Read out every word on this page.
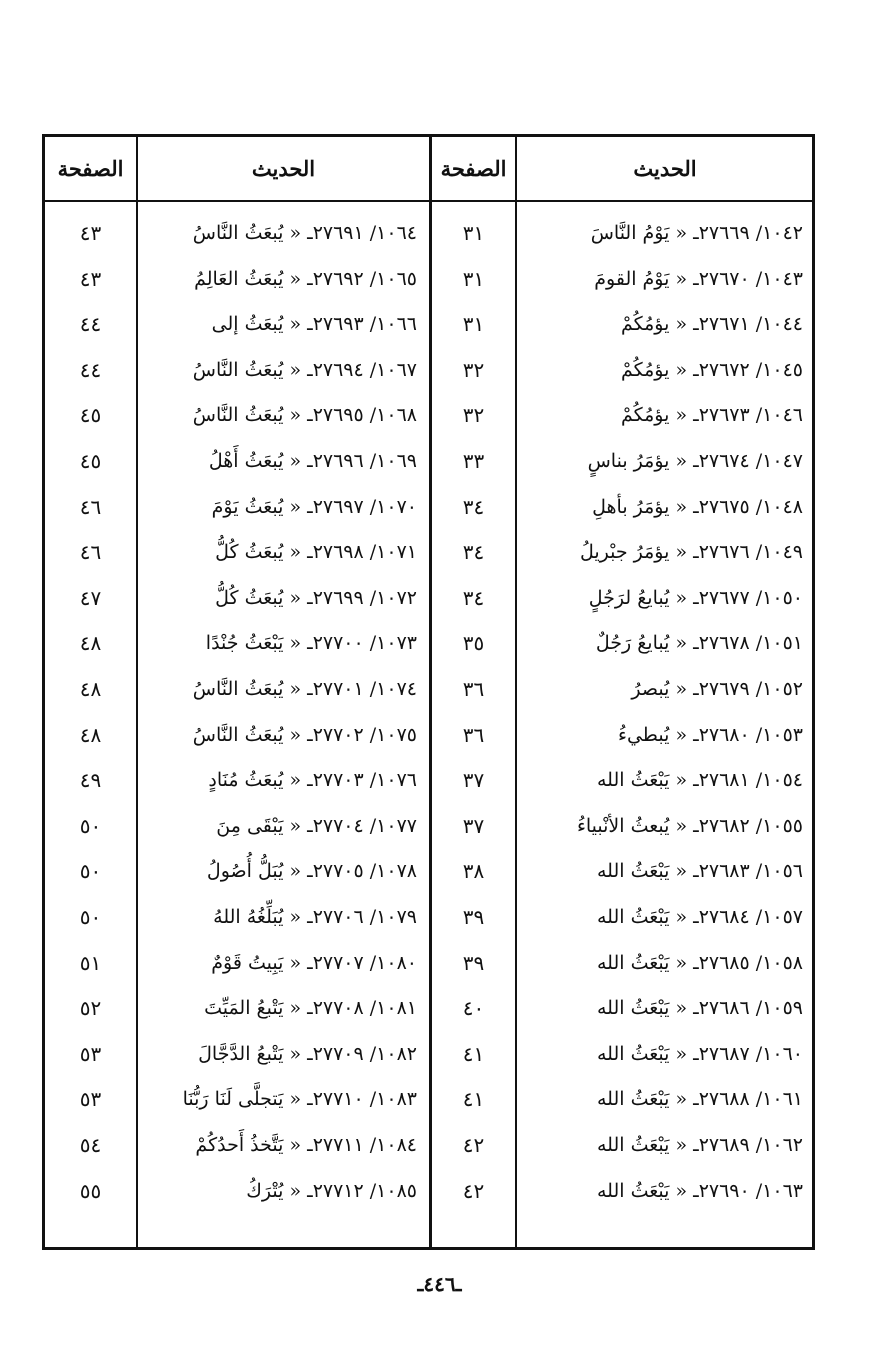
الحديث
الصفحة
الحديث
الصفحة
١٠٤٢/ ٢٧٦٦٩ـ « يَوْمُ النَّاسَ
٣١
١٠٤٣/ ٢٧٦٧٠ـ « يَوْمُ القومَ
٣١
١٠٤٤/ ٢٧٦٧١ـ « يؤمُكُمْ
٣١
١٠٤٥/ ٢٧٦٧٢ـ « يؤمُكُمْ
٣٢
١٠٤٦/ ٢٧٦٧٣ـ « يؤمُكُمْ
٣٢
١٠٤٧/ ٢٧٦٧٤ـ « يؤمَرُ بناسٍ
٣٣
١٠٤٨/ ٢٧٦٧٥ـ « يؤمَرُ بأهلِ
٣٤
١٠٤٩/ ٢٧٦٧٦ـ « يؤمَرُ جبْريلُ
٣٤
١٠٥٠/ ٢٧٦٧٧ـ « يُبايعُ لرَجُلٍ
٣٤
١٠٥١/ ٢٧٦٧٨ـ « يُبايعُ رَجُلٌ
٣٥
١٠٥٢/ ٢٧٦٧٩ـ « يُبصرُ
٣٦
١٠٥٣/ ٢٧٦٨٠ـ « يُبطيءُ
٣٦
١٠٥٤/ ٢٧٦٨١ـ « يَبْعَثُ الله
٣٧
١٠٥٥/ ٢٧٦٨٢ـ « يُبعثُ الأنْبياءُ
٣٧
١٠٥٦/ ٢٧٦٨٣ـ « يَبْعَثُ الله
٣٨
١٠٥٧/ ٢٧٦٨٤ـ « يَبْعَثُ الله
٣٩
١٠٥٨/ ٢٧٦٨٥ـ « يَبْعَثُ الله
٣٩
١٠٥٩/ ٢٧٦٨٦ـ « يَبْعَثُ الله
٤٠
١٠٦٠/ ٢٧٦٨٧ـ « يَبْعَثُ الله
٤١
١٠٦١/ ٢٧٦٨٨ـ « يَبْعَثُ الله
٤١
١٠٦٢/ ٢٧٦٨٩ـ « يَبْعَثُ الله
٤٢
١٠٦٣/ ٢٧٦٩٠ـ « يَبْعَثُ الله
٤٢
١٠٦٤/ ٢٧٦٩١ـ « يُبعَثُ النَّاسُ
٤٣
١٠٦٥/ ٢٧٦٩٢ـ « يُبعَثُ العَالِمُ
٤٣
١٠٦٦/ ٢٧٦٩٣ـ « يُبعَثُ إلى
٤٤
١٠٦٧/ ٢٧٦٩٤ـ « يُبعَثُ النَّاسُ
٤٤
١٠٦٨/ ٢٧٦٩٥ـ « يُبعَثُ النَّاسُ
٤٥
١٠٦٩/ ٢٧٦٩٦ـ « يُبعَثُ أَهْلُ
٤٥
١٠٧٠/ ٢٧٦٩٧ـ « يُبعَثُ يَوْمَ
٤٦
١٠٧١/ ٢٧٦٩٨ـ « يُبعَثُ كُلُّ
٤٦
١٠٧٢/ ٢٧٦٩٩ـ « يُبعَثُ كُلُّ
٤٧
١٠٧٣/ ٢٧٧٠٠ـ « يَبْعَثُ جُنْدًا
٤٨
١٠٧٤/ ٢٧٧٠١ـ « يُبعَثُ النَّاسُ
٤٨
١٠٧٥/ ٢٧٧٠٢ـ « يُبعَثُ النَّاسُ
٤٨
١٠٧٦/ ٢٧٧٠٣ـ « يُبعَثُ مُنَادٍ
٤٩
١٠٧٧/ ٢٧٧٠٤ـ « يَبْقَى مِنَ
٥٠
١٠٧٨/ ٢٧٧٠٥ـ « يُبَلُّ أُصُولُ
٥٠
١٠٧٩/ ٢٧٧٠٦ـ « يُبَلِّغُهُ اللهُ
٥٠
١٠٨٠/ ٢٧٧٠٧ـ « يَبِيتُ قَوْمٌ
٥١
١٠٨١/ ٢٧٧٠٨ـ « يَتْبعُ المَيِّتَ
٥٢
١٠٨٢/ ٢٧٧٠٩ـ « يَتْبعُ الدَّجَّالَ
٥٣
١٠٨٣/ ٢٧٧١٠ـ « يَتجلَّى لَنَا رَبُّنَا
٥٣
١٠٨٤/ ٢٧٧١١ـ « يَتَّخذُ أَحدُكُمْ
٥٤
١٠٨٥/ ٢٧٧١٢ـ « يُتْرَكُ
٥٥
ـ٤٤٦ـ
